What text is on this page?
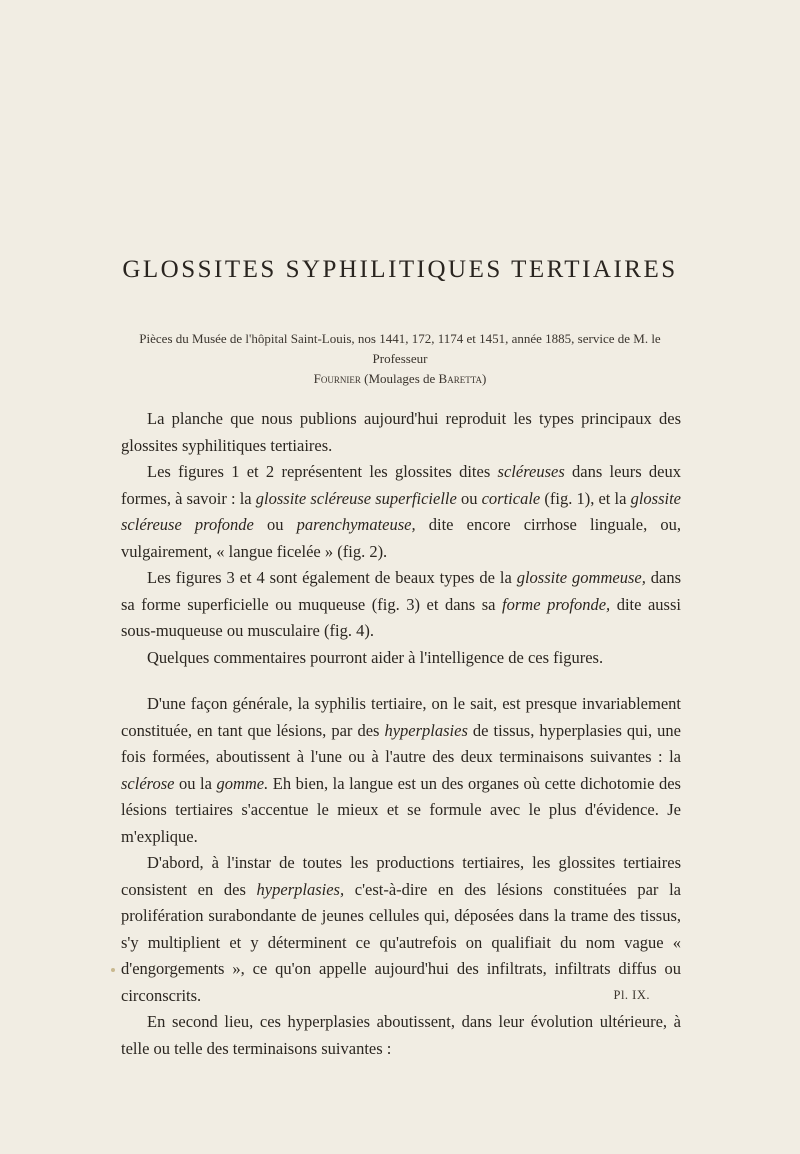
GLOSSITES SYPHILITIQUES TERTIAIRES
Pièces du Musée de l'hôpital Saint-Louis, nos 1441, 172, 1174 et 1451, année 1885, service de M. le Professeur
Fournier (Moulages de Baretta)

La planche que nous publions aujourd'hui reproduit les types principaux des glossites syphilitiques tertiaires.

Les figures 1 et 2 représentent les glossites dites scléreuses dans leurs deux formes, à savoir : la glossite scléreuse superficielle ou corticale (fig. 1), et la glossite scléreuse profonde ou parenchymateuse, dite encore cirrhose linguale, ou, vulgairement, « langue ficelée » (fig. 2).

Les figures 3 et 4 sont également de beaux types de la glossite gommeuse, dans sa forme superficielle ou muqueuse (fig. 3) et dans sa forme profonde, dite aussi sous-muqueuse ou musculaire (fig. 4).

Quelques commentaires pourront aider à l'intelligence de ces figures.

D'une façon générale, la syphilis tertiaire, on le sait, est presque invariablement constituée, en tant que lésions, par des hyperplasies de tissus, hyperplasies qui, une fois formées, aboutissent à l'une ou à l'autre des deux terminaisons suivantes : la sclérose ou la gomme. Eh bien, la langue est un des organes où cette dichotomie des lésions tertiaires s'accentue le mieux et se formule avec le plus d'évidence. Je m'explique.

D'abord, à l'instar de toutes les productions tertiaires, les glossites tertiaires consistent en des hyperplasies, c'est-à-dire en des lésions constituées par la prolifération surabondante de jeunes cellules qui, déposées dans la trame des tissus, s'y multiplient et y déterminent ce qu'autrefois on qualifiait du nom vague « d'engorgements », ce qu'on appelle aujourd'hui des infiltrats, infiltrats diffus ou circonscrits.

En second lieu, ces hyperplasies aboutissent, dans leur évolution ultérieure, à telle ou telle des terminaisons suivantes :

Pl. IX.
